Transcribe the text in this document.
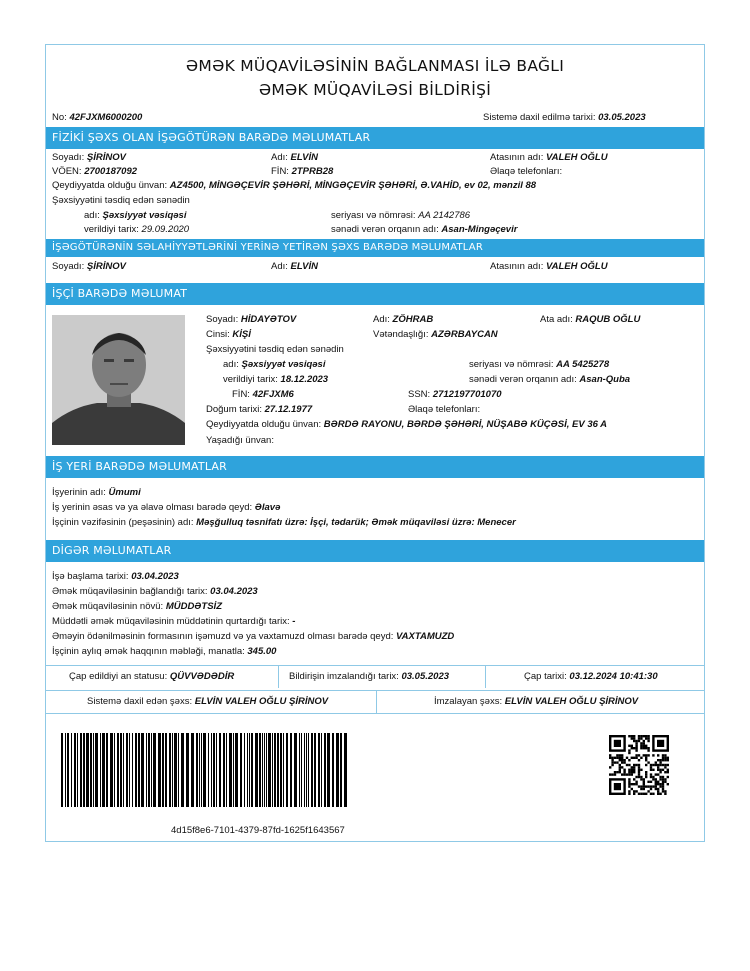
ƏMƏK MÜQAVİLƏSİNİN BAĞLANMASI İLƏ BAĞLI
ƏMƏK MÜQAVİLƏSİ BİLDİRİŞİ
No: 42FJXM6000200	Sistemə daxil edilmə tarixi: 03.05.2023
FİZİKİ ŞƏXS OLAN İŞƏGÖTÜRƏN BARƏDƏ MƏLUMATLAR
Soyadı: ŞİRİNOV	Adı: ELVİN	Atasının adı: VALEH OĞLU
VÖEN: 2700187092	FİN: 2TPRB28	Əlaqə telefonları:
Qeydiyyatda olduğu ünvan: AZ4500, MİNGƏÇEVİR ŞƏHƏRİ, MİNGƏÇEVİR ŞƏHƏRİ, Ə.VAHİD, ev 02, mənzil 88
Şəxsiyyətini təsdiq edən sənədin
adı: Şəxsiyyət vəsiqəsi	seriyası və nömrəsi: AA 2142786
verildiyi tarix: 29.09.2020	sənədi verən orqanın adı: Asan-Mingəçevir
İŞƏGÖTÜRƏNİN SƏLAHİYYƏTLƏRİNİ YERİNƏ YETİRƏN ŞƏXS BARƏDƏ MƏLUMATLAR
Soyadı: ŞİRİNOV	Adı: ELVİN	Atasının adı: VALEH OĞLU
İŞÇİ BARƏDƏ MƏLUMAT
Soyadı: HİDAYƏTOV	Adı: ZÖHRAB	Ata adı: RAQUB OĞLU
Cinsi: KİŞİ	Vətəndaşlığı: AZƏRBAYCAN
Şəxsiyyətini təsdiq edən sənədin
adı: Şəxsiyyət vəsiqəsi	seriyası və nömrəsi: AA 5425278
verildiyi tarix: 18.12.2023	sənədi verən orqanın adı: Asan-Quba
FİN: 42FJXM6	SSN: 2712197701070
Doğum tarixi: 27.12.1977	Əlaqə telefonları:
Qeydiyyatda olduğu ünvan: BƏRDƏ RAYONU, BƏRDƏ ŞƏHƏRİ, NÜŞABƏ KÜÇƏSİ, EV 36 A
Yaşadığı ünvan:
İŞ YERİ BARƏDƏ MƏLUMATLAR
İşyerinin adı: Ümumi
İş yerinin əsas və ya əlavə olması barədə qeyd: Əlavə
İşçinin vəzifəsinin (peşəsinin) adı: Məşğulluq təsnifatı üzrə: İşçi, tədarük; Əmək müqaviləsi üzrə: Menecer
DİGƏR MƏLUMATLAR
İşə başlama tarixi: 03.04.2023
Əmək müqaviləsinin bağlandığı tarix: 03.04.2023
Əmək müqaviləsinin növü: MÜDDƏTSİZ
Müddətli əmək müqaviləsinin müddətinin qurtardığı tarix: -
Əməyin ödənilməsinin formasının işəmuzd və ya vaxtamuzd olması barədə qeyd: VAXTAMUZD
İşçinin aylıq əmək haqqının məbləği, manatla: 345.00
Çap edildiyi an statusu: QÜVVƏDƏDİR	Bildirişin imzalandığı tarix: 03.05.2023	Çap tarixi: 03.12.2024 10:41:30
Sistemə daxil edən şəxs: ELVİN VALEH OĞLU ŞİRİNOV	İmzalayan şəxs: ELVİN VALEH OĞLU ŞİRİNOV
4d15f8e6-7101-4379-87fd-1625f1643567
